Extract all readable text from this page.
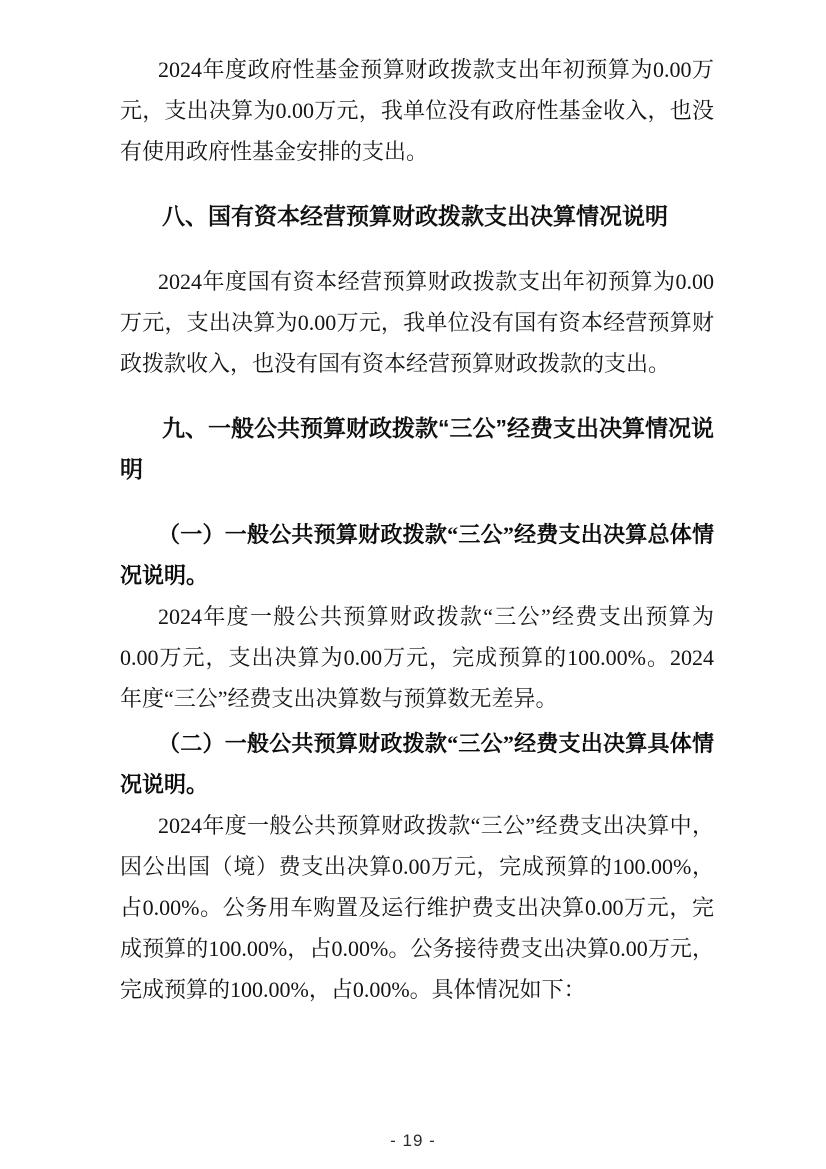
2024年度政府性基金预算财政拨款支出年初预算为0.00万元，支出决算为0.00万元，我单位没有政府性基金收入，也没有使用政府性基金安排的支出。

八、国有资本经营预算财政拨款支出决算情况说明

2024年度国有资本经营预算财政拨款支出年初预算为0.00万元，支出决算为0.00万元，我单位没有国有资本经营预算财政拨款收入，也没有国有资本经营预算财政拨款的支出。

九、一般公共预算财政拨款“三公”经费支出决算情况说明
（一）一般公共预算财政拨款“三公”经费支出决算总体情况说明。

2024年度一般公共预算财政拨款“三公”经费支出预算为0.00万元，支出决算为0.00万元，完成预算的100.00%。2024年度“三公”经费支出决算数与预算数无差异。

（二）一般公共预算财政拨款“三公”经费支出决算具体情况说明。

2024年度一般公共预算财政拨款“三公”经费支出决算中，因公出国（境）费支出决算0.00万元，完成预算的100.00%，占0.00%。公务用车购置及运行维护费支出决算0.00万元，完成预算的100.00%，占0.00%。公务接待费支出决算0.00万元，完成预算的100.00%，占0.00%。具体情况如下：

- 19 -
